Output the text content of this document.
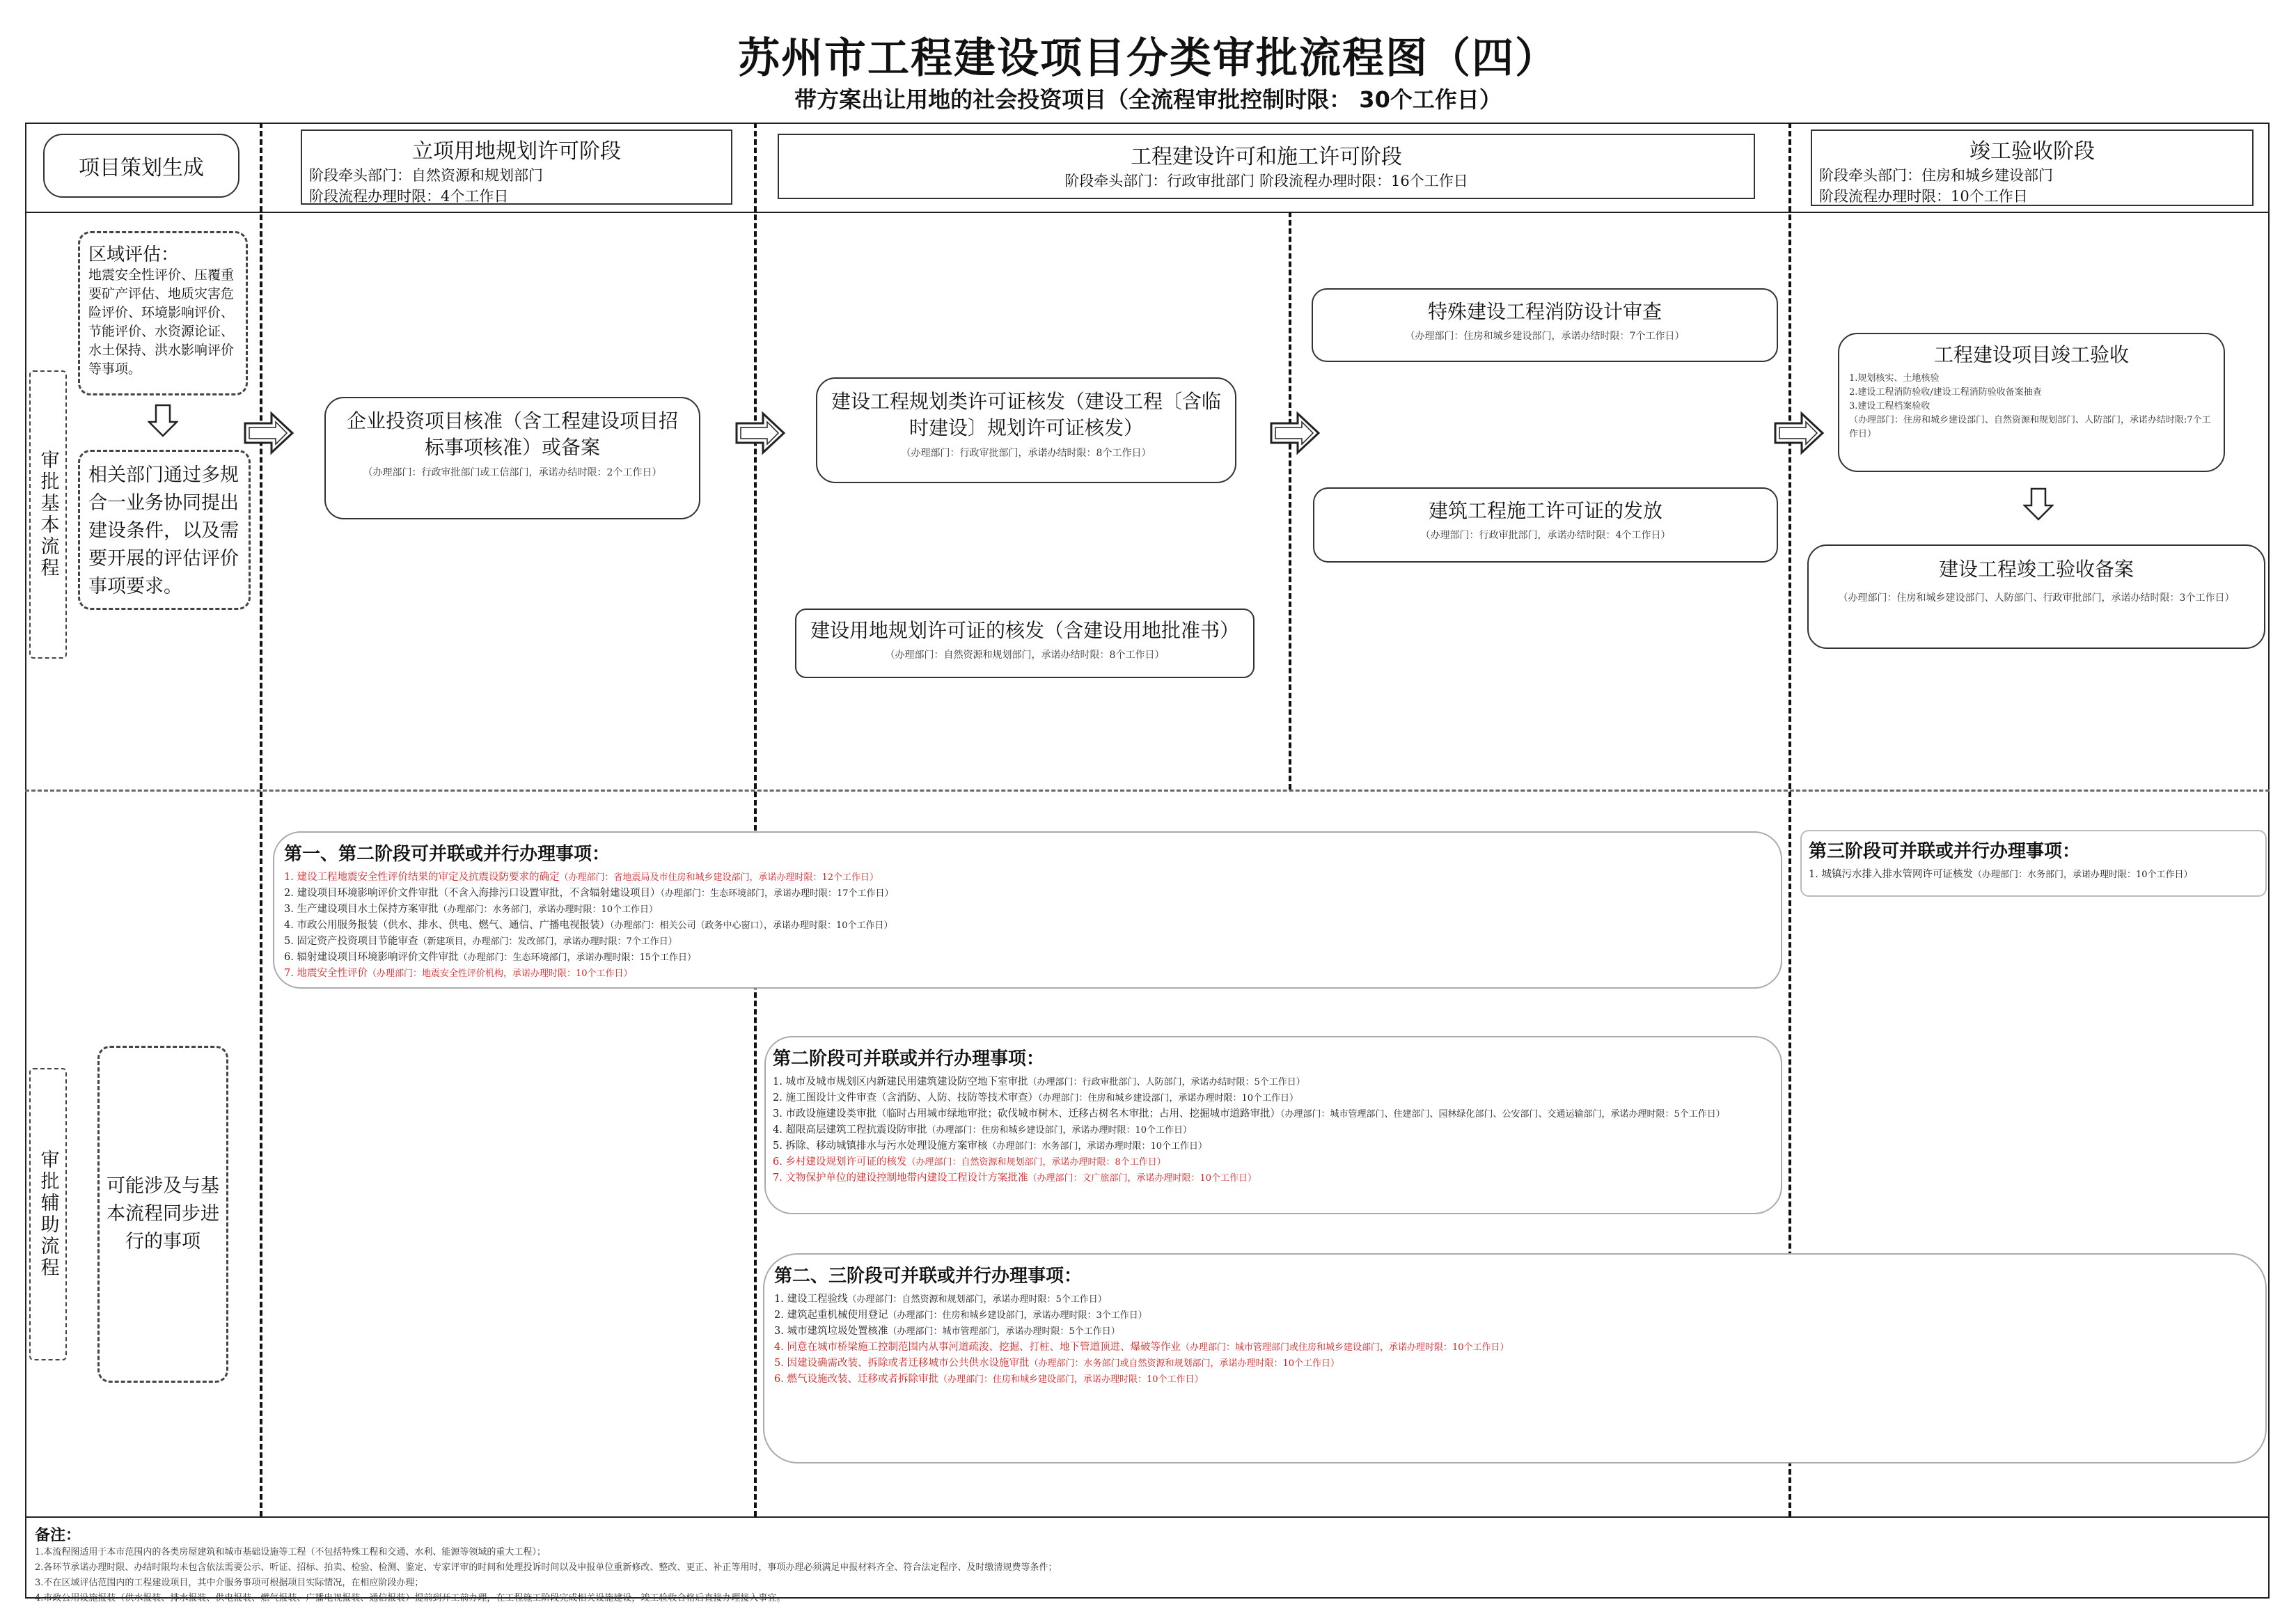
苏州市工程建设项目分类审批流程图（四）
带方案出让用地的社会投资项目（全流程审批控制时限： 30个工作日）
项目策划生成
立项用地规划许可阶段
阶段牵头部门：自然资源和规划部门
阶段流程办理时限：4个工作日
工程建设许可和施工许可阶段
阶段牵头部门：行政审批部门 阶段流程办理时限：16个工作日
竣工验收阶段
阶段牵头部门：住房和城乡建设部门
阶段流程办理时限：10个工作日
审批基本流程
审批辅助流程
区域评估：
地震安全性评价、压覆重要矿产评估、地质灾害危险评价、环境影响评价、节能评价、水资源论证、水土保持、洪水影响评价等事项。
相关部门通过多规合一业务协同提出建设条件，以及需要开展的评估评价事项要求。
可能涉及与基本流程同步进行的事项
企业投资项目核准（含工程建设项目招标事项核准）或备案
（办理部门：行政审批部门或工信部门，承诺办结时限：2个工作日）
建设工程规划类许可证核发（建设工程〔含临时建设〕规划许可证核发）
（办理部门：行政审批部门，承诺办结时限：8个工作日）
建设用地规划许可证的核发（含建设用地批准书）
（办理部门：自然资源和规划部门，承诺办结时限：8个工作日）
特殊建设工程消防设计审查
（办理部门：住房和城乡建设部门，承诺办结时限：7个工作日）
建筑工程施工许可证的发放
（办理部门：行政审批部门，承诺办结时限：4个工作日）
工程建设项目竣工验收
1.规划核实、土地核验
2.建设工程消防验收/建设工程消防验收备案抽查
3.建设工程档案验收
（办理部门：住房和城乡建设部门、自然资源和规划部门、人防部门，承诺办结时限:7个工作日）
建设工程竣工验收备案
（办理部门：住房和城乡建设部门、人防部门、行政审批部门，承诺办结时限：3个工作日）
第一、第二阶段可并联或并行办理事项：
1. 建设工程地震安全性评价结果的审定及抗震设防要求的确定（办理部门：省地震局及市住房和城乡建设部门，承诺办理时限：12个工作日）
2. 建设项目环境影响评价文件审批（不含入海排污口设置审批，不含辐射建设项目）（办理部门：生态环境部门，承诺办理时限：17个工作日）
3. 生产建设项目水土保持方案审批（办理部门：水务部门，承诺办理时限：10个工作日）
4. 市政公用服务报装（供水、排水、供电、燃气、通信、广播电视报装）（办理部门：相关公司（政务中心窗口），承诺办理时限：10个工作日）
5. 固定资产投资项目节能审查（新建项目，办理部门：发改部门，承诺办理时限：7个工作日）
6. 辐射建设项目环境影响评价文件审批（办理部门：生态环境部门，承诺办理时限：15个工作日）
7. 地震安全性评价（办理部门：地震安全性评价机构，承诺办理时限：10个工作日）
第二阶段可并联或并行办理事项：
1. 城市及城市规划区内新建民用建筑建设防空地下室审批（办理部门：行政审批部门、人防部门，承诺办结时限：5个工作日）
2. 施工图设计文件审查（含消防、人防、技防等技术审查）（办理部门：住房和城乡建设部门，承诺办理时限：10个工作日）
3. 市政设施建设类审批（临时占用城市绿地审批；砍伐城市树木、迁移古树名木审批；占用、挖掘城市道路审批）（办理部门：城市管理部门、住建部门、园林绿化部门、公安部门、交通运输部门，承诺办理时限：5个工作日）
4. 超限高层建筑工程抗震设防审批（办理部门：住房和城乡建设部门，承诺办理时限：10个工作日）
5. 拆除、移动城镇排水与污水处理设施方案审核（办理部门：水务部门，承诺办理时限：10个工作日）
6. 乡村建设规划许可证的核发（办理部门：自然资源和规划部门，承诺办理时限：8个工作日）
7. 文物保护单位的建设控制地带内建设工程设计方案批准（办理部门：文广旅部门，承诺办理时限：10个工作日）
第二、三阶段可并联或并行办理事项：
1. 建设工程验线（办理部门：自然资源和规划部门，承诺办理时限：5个工作日）
2. 建筑起重机械使用登记（办理部门：住房和城乡建设部门，承诺办理时限：3个工作日）
3. 城市建筑垃圾处置核准（办理部门：城市管理部门，承诺办理时限：5个工作日）
4. 同意在城市桥梁施工控制范围内从事河道疏浚、挖掘、打桩、地下管道顶进、爆破等作业（办理部门：城市管理部门或住房和城乡建设部门，承诺办理时限：10个工作日）
5. 因建设确需改装、拆除或者迁移城市公共供水设施审批（办理部门：水务部门或自然资源和规划部门，承诺办理时限：10个工作日）
6. 燃气设施改装、迁移或者拆除审批（办理部门：住房和城乡建设部门，承诺办理时限：10个工作日）
第三阶段可并联或并行办理事项：
1. 城镇污水排入排水管网许可证核发（办理部门：水务部门，承诺办理时限：10个工作日）
备注：
1.本流程图适用于本市范围内的各类房屋建筑和城市基础设施等工程（不包括特殊工程和交通、水利、能源等领域的重大工程）；
2.各环节承诺办理时限、办结时限均未包含依法需要公示、听证、招标、拍卖、检验、检测、鉴定、专家评审的时间和处理投诉时间以及申报单位重新修改、整改、更正、补正等用时，事项办理必须满足申报材料齐全、符合法定程序、及时缴清规费等条件；
3.不在区域评估范围内的工程建设项目，其中介服务事项可根据项目实际情况，在相应阶段办理；
4.市政公用设施报装（供水报装、排水报装、供电报装、燃气报装、广播电视报装、通信报装）提前到开工前办理，在工程施工阶段完成相关设施建设，竣工验收合格后直接办理接入事宜。
